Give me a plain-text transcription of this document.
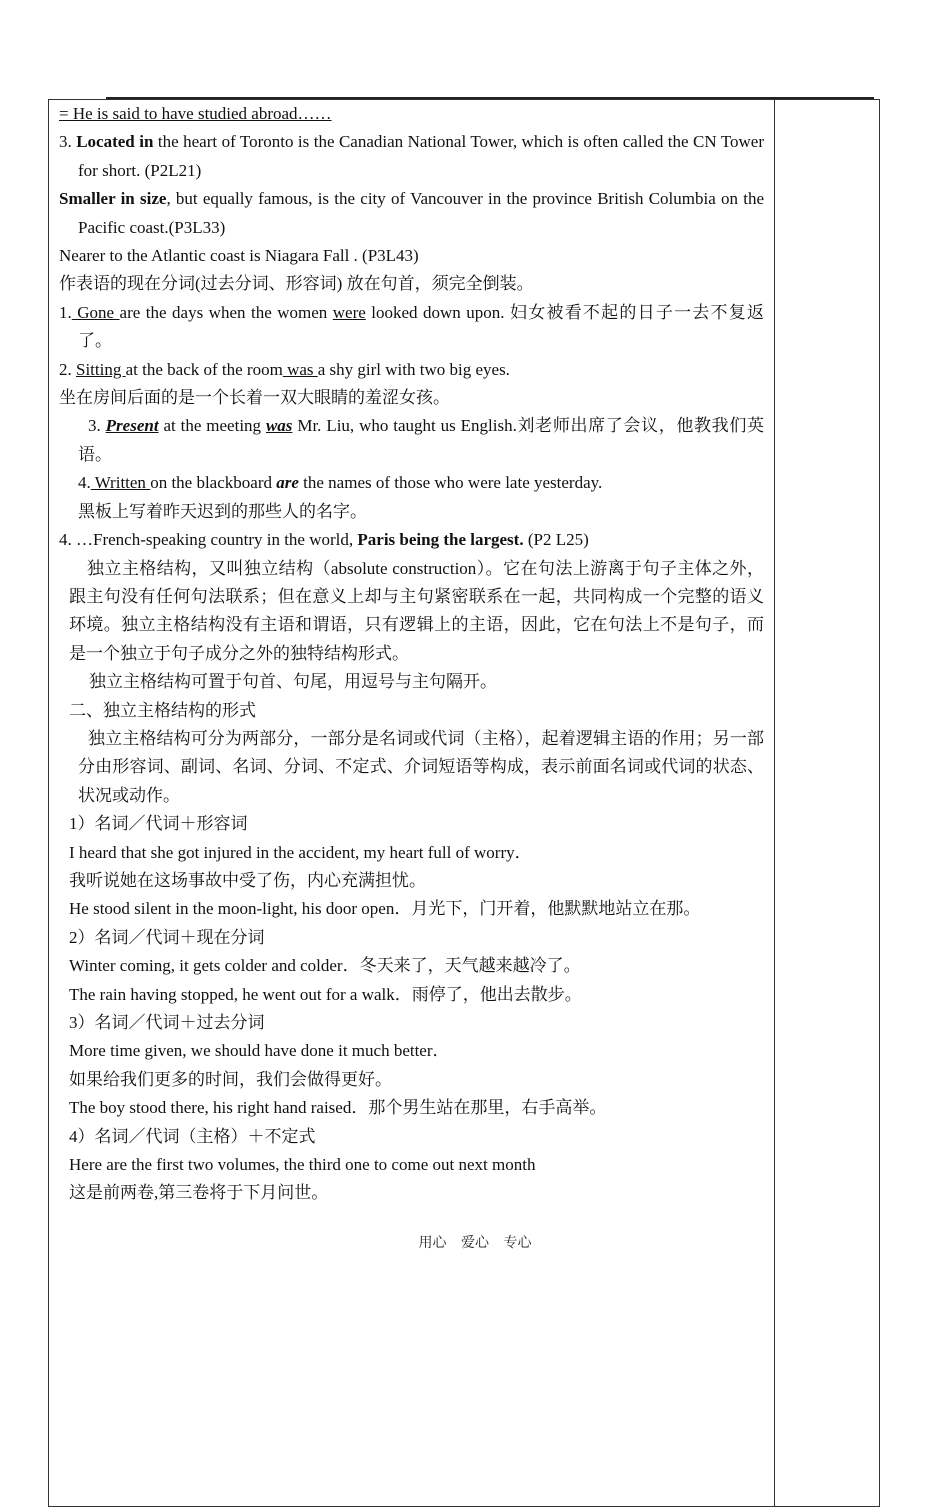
= He is said to have studied abroad……

3. Located in the heart of Toronto is the Canadian National Tower, which is often called the CN Tower for short. (P2L21)

Smaller in size, but equally famous, is the city of Vancouver in the province British Columbia on the Pacific coast.(P3L33)

Nearer to the Atlantic coast is Niagara Fall . (P3L43)

作表语的现在分词(过去分词、形容词) 放在句首，须完全倒装。

1. Gone are the days when the women were looked down upon. 妇女被看不起的日子一去不复返了。

2. Sitting at the back of the room was a shy girl with two big eyes.

坐在房间后面的是一个长着一双大眼睛的羞涩女孩。

3. Present at the meeting was Mr. Liu, who taught us English.刘老师出席了会议，他教我们英语。

4. Written on the blackboard are the names of those who were late yesterday.

黑板上写着昨天迟到的那些人的名字。

4. …French-speaking country in the world, Paris being the largest. (P2 L25)

独立主格结构，又叫独立结构（absolute construction）。它在句法上游离于句子主体之外，跟主句没有任何句法联系；但在意义上却与主句紧密联系在一起，共同构成一个完整的语义环境。独立主格结构没有主语和谓语，只有逻辑上的主语，因此，它在句法上不是句子，而是一个独立于句子成分之外的独特结构形式。

独立主格结构可置于句首、句尾，用逗号与主句隔开。

二、独立主格结构的形式

独立主格结构可分为两部分，一部分是名词或代词（主格），起着逻辑主语的作用；另一部分由形容词、副词、名词、分词、不定式、介词短语等构成，表示前面名词或代词的状态、状况或动作。

1）名词／代词＋形容词

I heard that she got injured in the accident, my heart full of worry．

我听说她在这场事故中受了伤，内心充满担忧。

He stood silent in the moon-light, his door open．月光下，门开着，他默默地站立在那。

2）名词／代词＋现在分词

Winter coming, it gets colder and colder．冬天来了，天气越来越冷了。

The rain having stopped, he went out for a walk．雨停了，他出去散步。

3）名词／代词＋过去分词

More time given, we should have done it much better．

如果给我们更多的时间，我们会做得更好。

The boy stood there, his right hand raised．那个男生站在那里，右手高举。

4）名词／代词（主格）＋不定式

Here are the first two volumes, the third one to come out next month

这是前两卷,第三卷将于下月问世。

用心 爱心 专心
